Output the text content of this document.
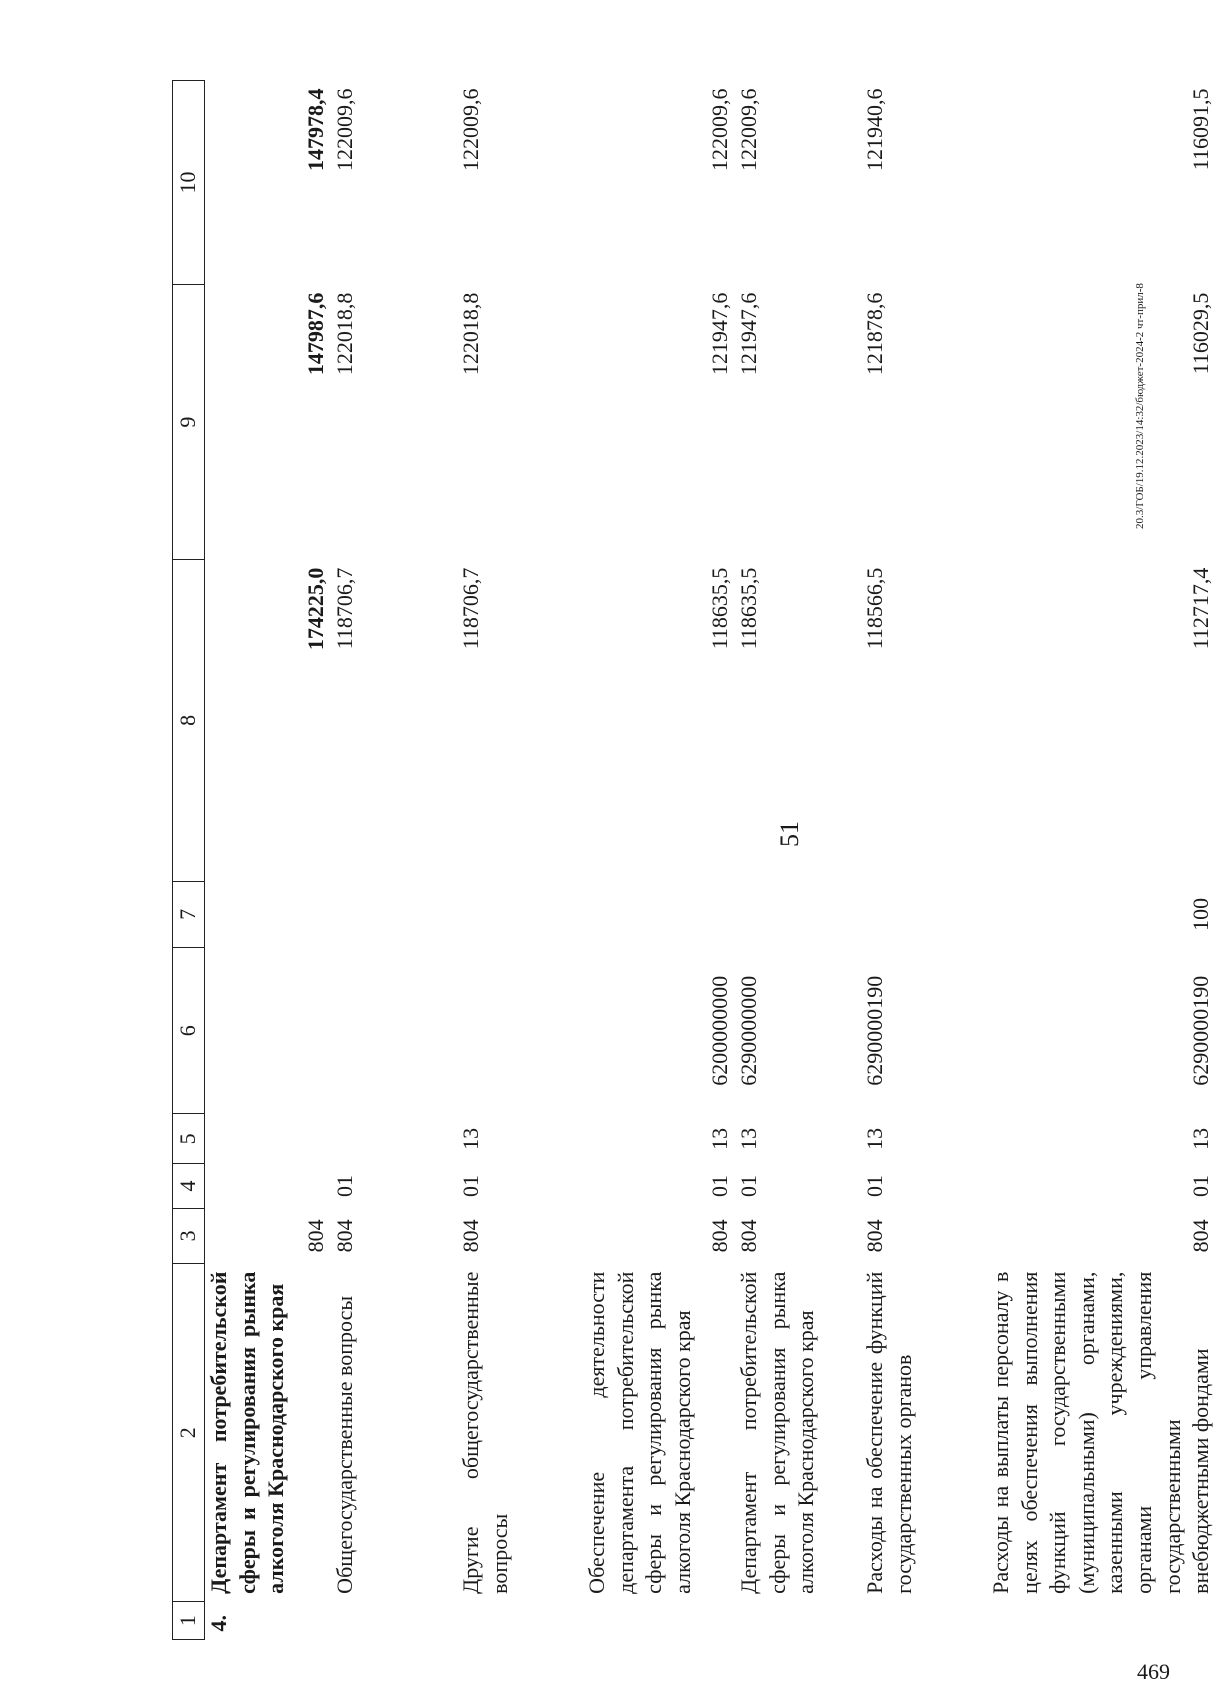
51
20.3/ГОБ/19.12.2023/14:32/бюджет-2024-2 чт-прил-8
469
1	2	3	4	5	6	7	8	9	10
4.	Департамент потребительской сферы и регулирования рынка алкоголя Краснодарского края	804					174225,0	147987,6	147978,4
	Общегосударственные вопросы	804	01				118706,7	122018,8	122009,6
	Другие общегосударственные вопросы	804	01	13			118706,7	122018,8	122009,6
	Обеспечение деятельности департамента потребительской сферы и регулирования рынка алкоголя Краснодарского края	804	01	13	6200000000		118635,5	121947,6	122009,6
	Департамент потребительской сферы и регулирования рынка алкоголя Краснодарского края	804	01	13	6290000000		118635,5	121947,6	122009,6
	Расходы на обеспечение функций государственных органов	804	01	13	6290000190		118566,5	121878,6	121940,6
	Расходы на выплаты персоналу в целях обеспечения выполнения функций государственными (муниципальными) органами, казенными учреждениями, органами управления государственными внебюджетными фондами	804	01	13	6290000190	100	112717,4	116029,5	116091,5
